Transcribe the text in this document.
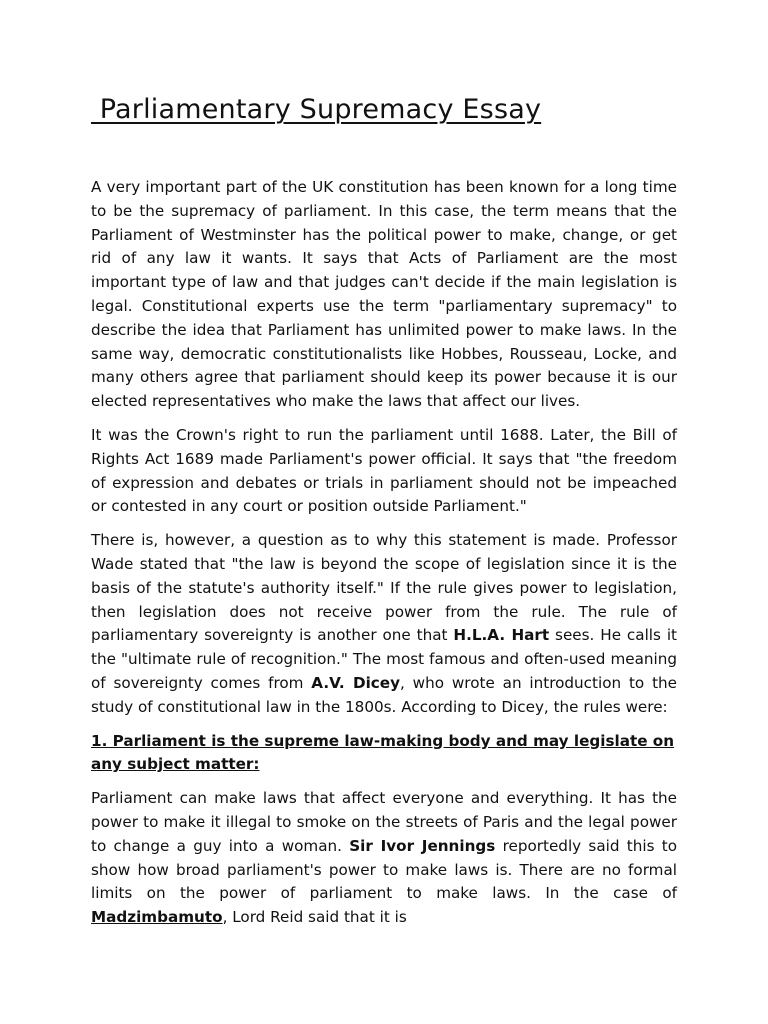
Parliamentary Supremacy Essay

A very important part of the UK constitution has been known for a long time to be the supremacy of parliament. In this case, the term means that the Parliament of Westminster has the political power to make, change, or get rid of any law it wants. It says that Acts of Parliament are the most important type of law and that judges can't decide if the main legislation is legal. Constitutional experts use the term "parliamentary supremacy" to describe the idea that Parliament has unlimited power to make laws. In the same way, democratic constitutionalists like Hobbes, Rousseau, Locke, and many others agree that parliament should keep its power because it is our elected representatives who make the laws that affect our lives.

It was the Crown's right to run the parliament until 1688. Later, the Bill of Rights Act 1689 made Parliament's power official. It says that "the freedom of expression and debates or trials in parliament should not be impeached or contested in any court or position outside Parliament."

There is, however, a question as to why this statement is made. Professor Wade stated that "the law is beyond the scope of legislation since it is the basis of the statute's authority itself." If the rule gives power to legislation, then legislation does not receive power from the rule. The rule of parliamentary sovereignty is another one that H.L.A. Hart sees. He calls it the "ultimate rule of recognition." The most famous and often-used meaning of sovereignty comes from A.V. Dicey, who wrote an introduction to the study of constitutional law in the 1800s. According to Dicey, the rules were:

1. Parliament is the supreme law-making body and may legislate on any subject matter:

Parliament can make laws that affect everyone and everything. It has the power to make it illegal to smoke on the streets of Paris and the legal power to change a guy into a woman. Sir Ivor Jennings reportedly said this to show how broad parliament's power to make laws is. There are no formal limits on the power of parliament to make laws. In the case of Madzimbamuto, Lord Reid said that it is
